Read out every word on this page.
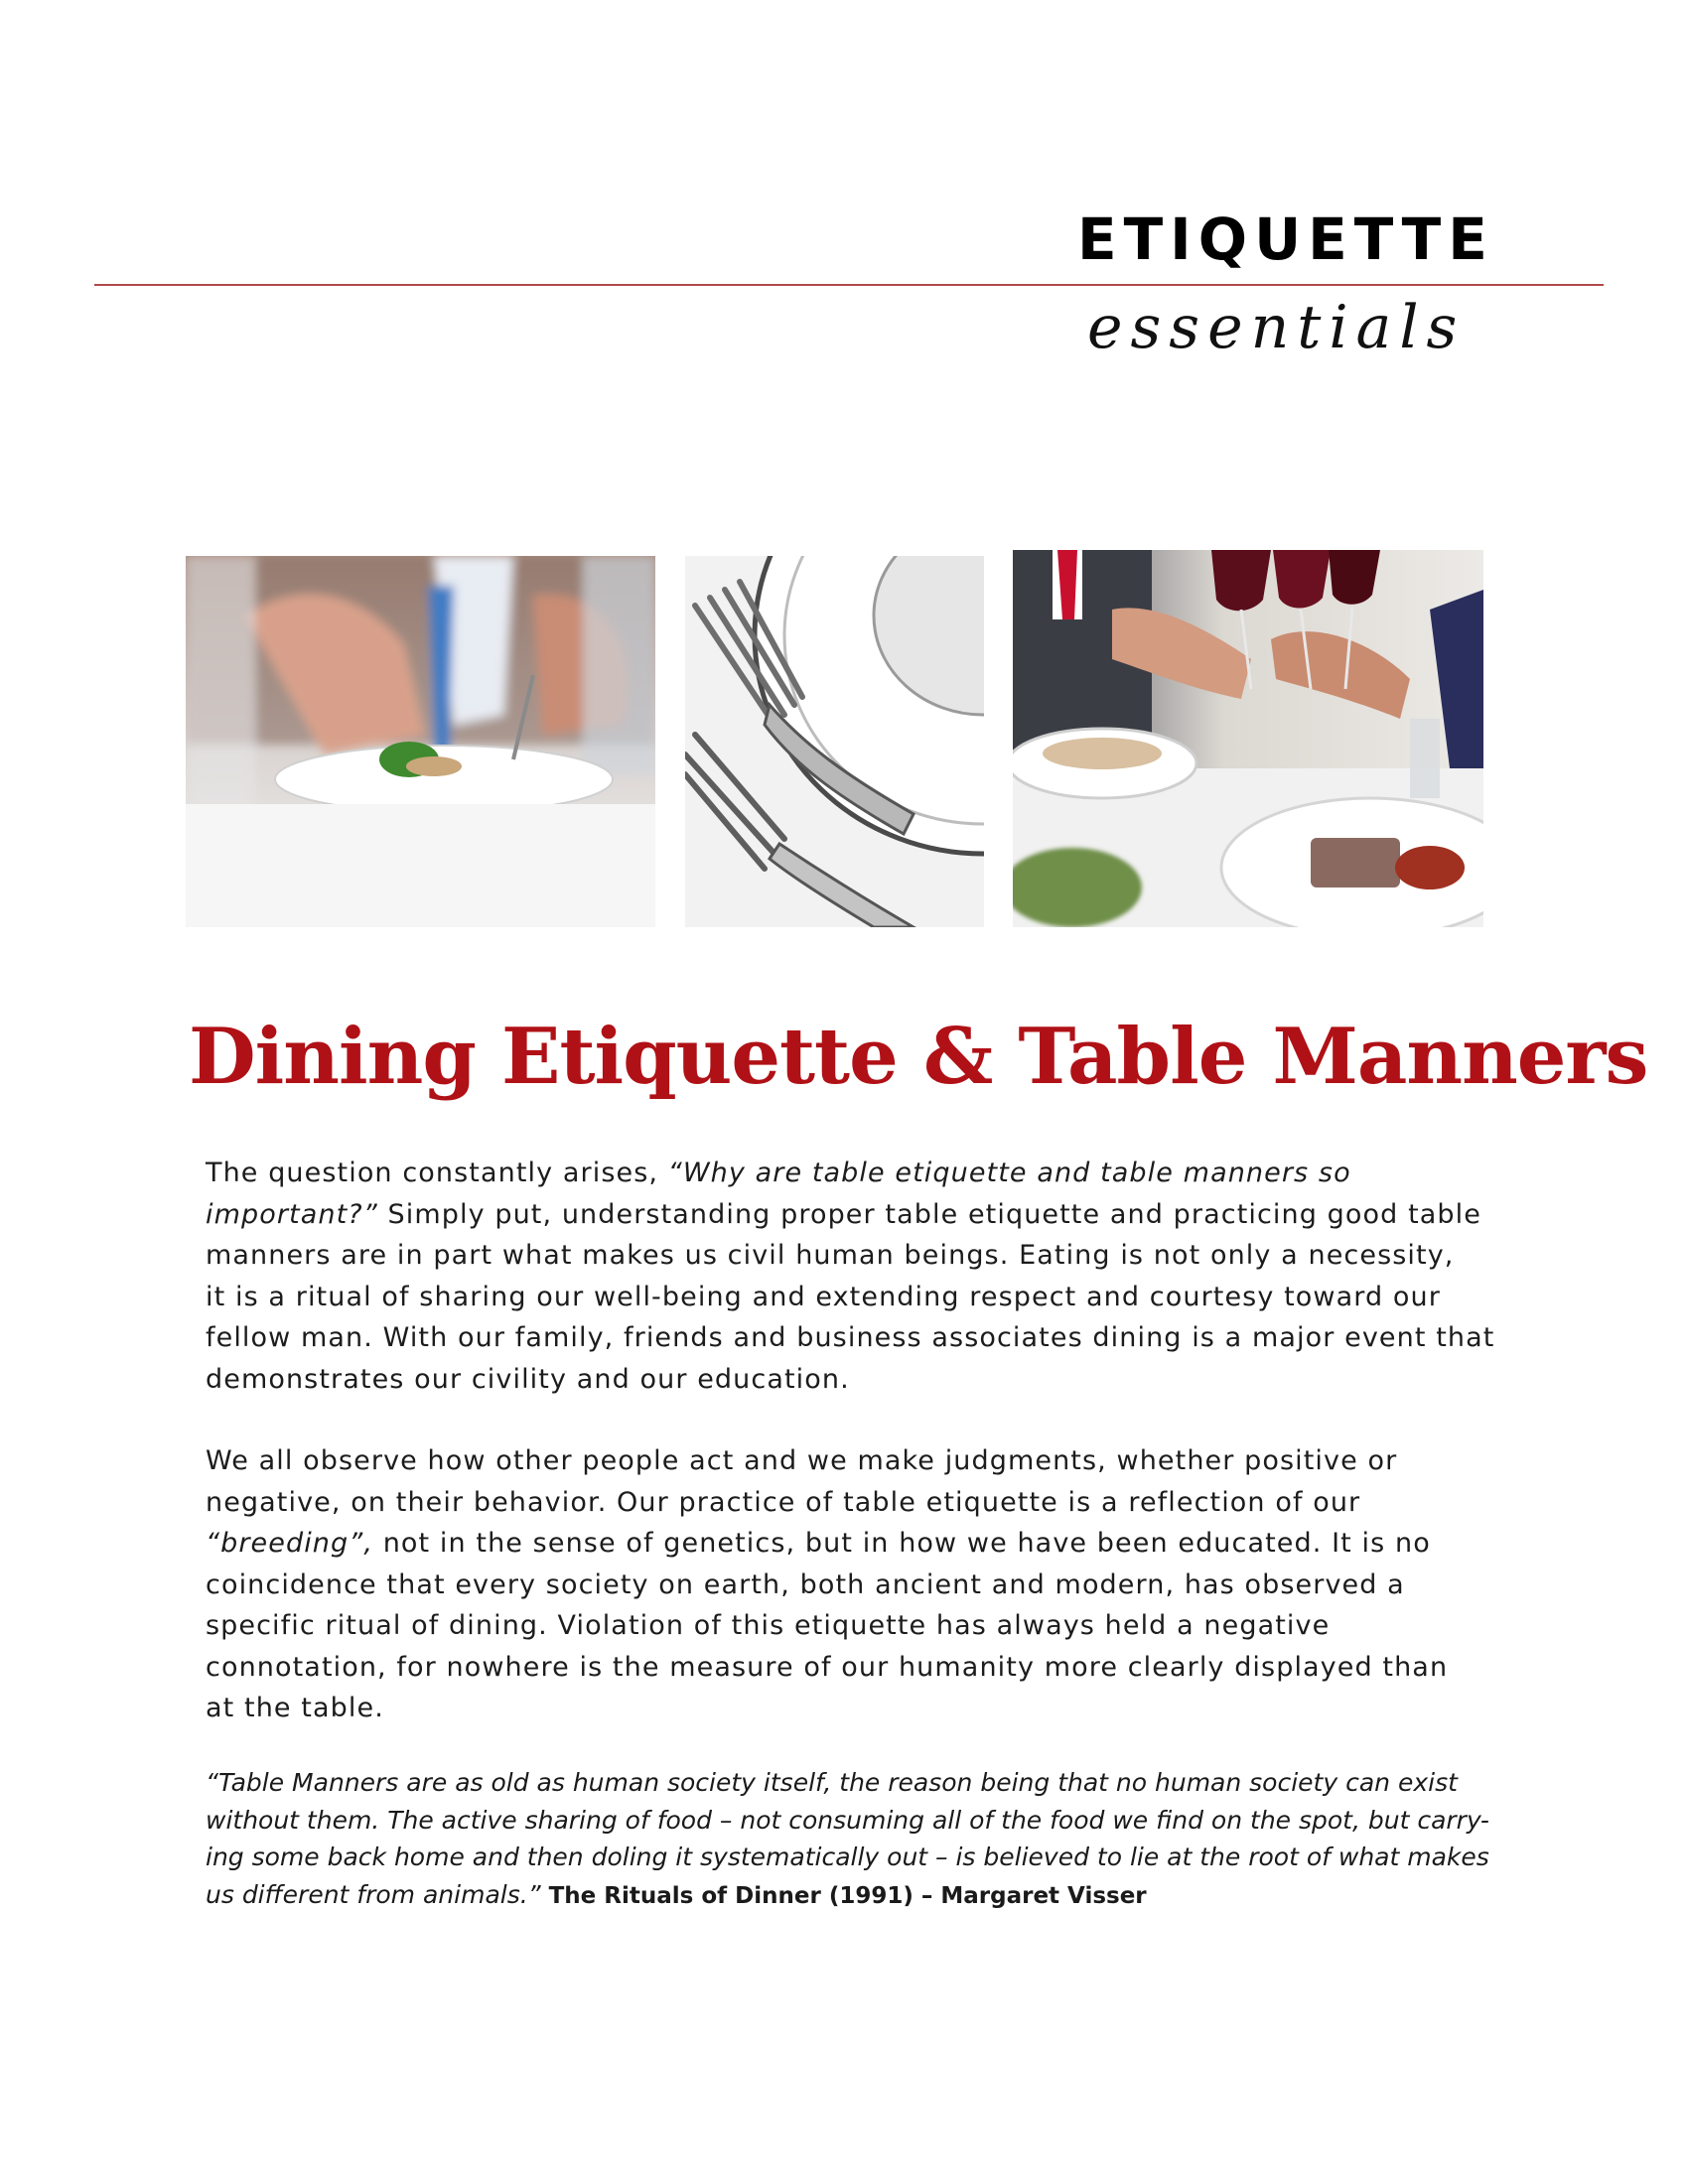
ETIQUETTE
essentials
Dining Etiquette & Table Manners
The question constantly arises, “Why are table etiquette and table manners so
important?” Simply put, understanding proper table etiquette and practicing good table
manners are in part what makes us civil human beings. Eating is not only a necessity,
it is a ritual of sharing our well-being and extending respect and courtesy toward our
fellow man. With our family, friends and business associates dining is a major event that
demonstrates our civility and our education.
We all observe how other people act and we make judgments, whether positive or
negative, on their behavior. Our practice of table etiquette is a reflection of our
“breeding”, not in the sense of genetics, but in how we have been educated. It is no
coincidence that every society on earth, both ancient and modern, has observed a
specific ritual of dining. Violation of this etiquette has always held a negative
connotation, for nowhere is the measure of our humanity more clearly displayed than
at the table.
“Table Manners are as old as human society itself, the reason being that no human society can exist
without them. The active sharing of food – not consuming all of the food we find on the spot, but carry-
ing some back home and then doling it systematically out – is believed to lie at the root of what makes
us different from animals.” The Rituals of Dinner (1991) – Margaret Visser
